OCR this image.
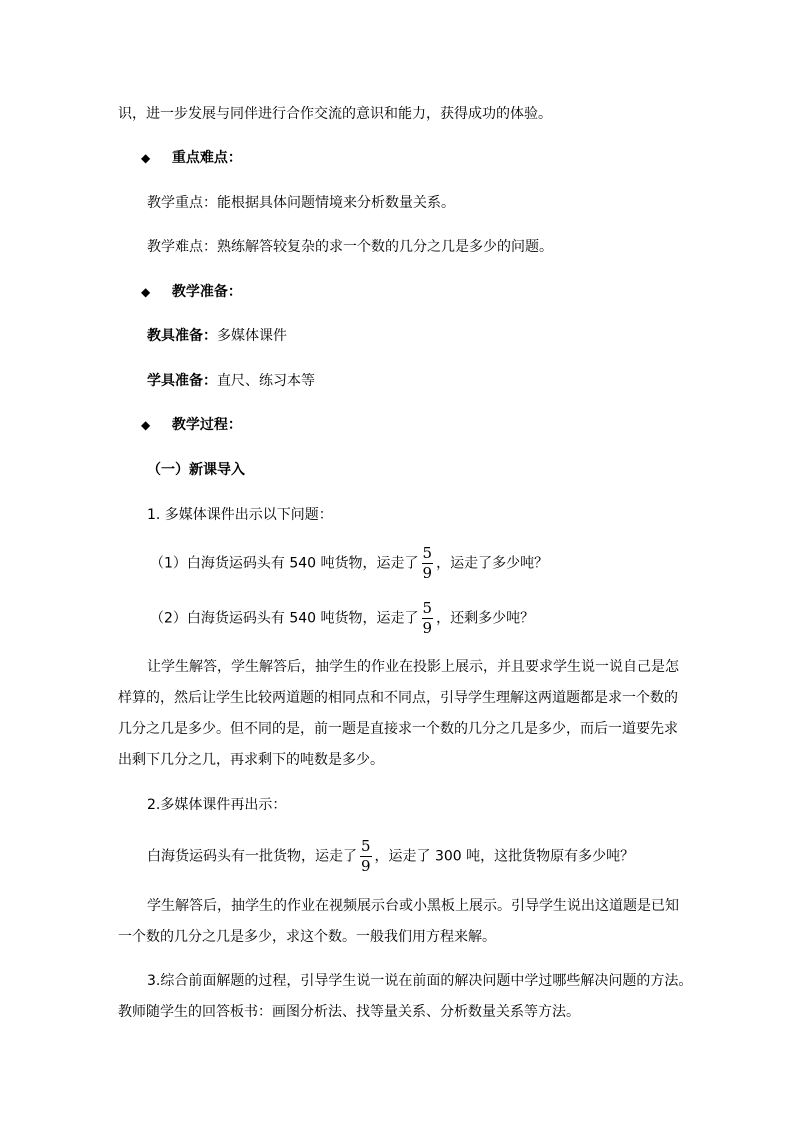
识，进一步发展与同伴进行合作交流的意识和能力，获得成功的体验。
◆ 重点难点：
教学重点：能根据具体问题情境来分析数量关系。
教学难点：熟练解答较复杂的求一个数的几分之几是多少的问题。
◆ 教学准备：
教具准备：多媒体课件
学具准备：直尺、练习本等
◆ 教学过程：
（一）新课导入
1. 多媒体课件出示以下问题：
（1）白海货运码头有 540 吨货物，运走了 $\frac{5}{9}$ ，运走了多少吨？
（2）白海货运码头有 540 吨货物，运走了 $\frac{5}{9}$ ，还剩多少吨？
让学生解答，学生解答后，抽学生的作业在投影上展示，并且要求学生说一说自己是怎
样算的，然后让学生比较两道题的相同点和不同点，引导学生理解这两道题都是求一个数的
几分之几是多少。但不同的是，前一题是直接求一个数的几分之几是多少，而后一道要先求
出剩下几分之几，再求剩下的吨数是多少。
2.多媒体课件再出示：
白海货运码头有一批货物，运走了 $\frac{5}{9}$ ，运走了 300 吨，这批货物原有多少吨？
学生解答后，抽学生的作业在视频展示台或小黑板上展示。引导学生说出这道题是已知
一个数的几分之几是多少，求这个数。一般我们用方程来解。
3.综合前面解题的过程，引导学生说一说在前面的解决问题中学过哪些解决问题的方法。
教师随学生的回答板书：画图分析法、找等量关系、分析数量关系等方法。
